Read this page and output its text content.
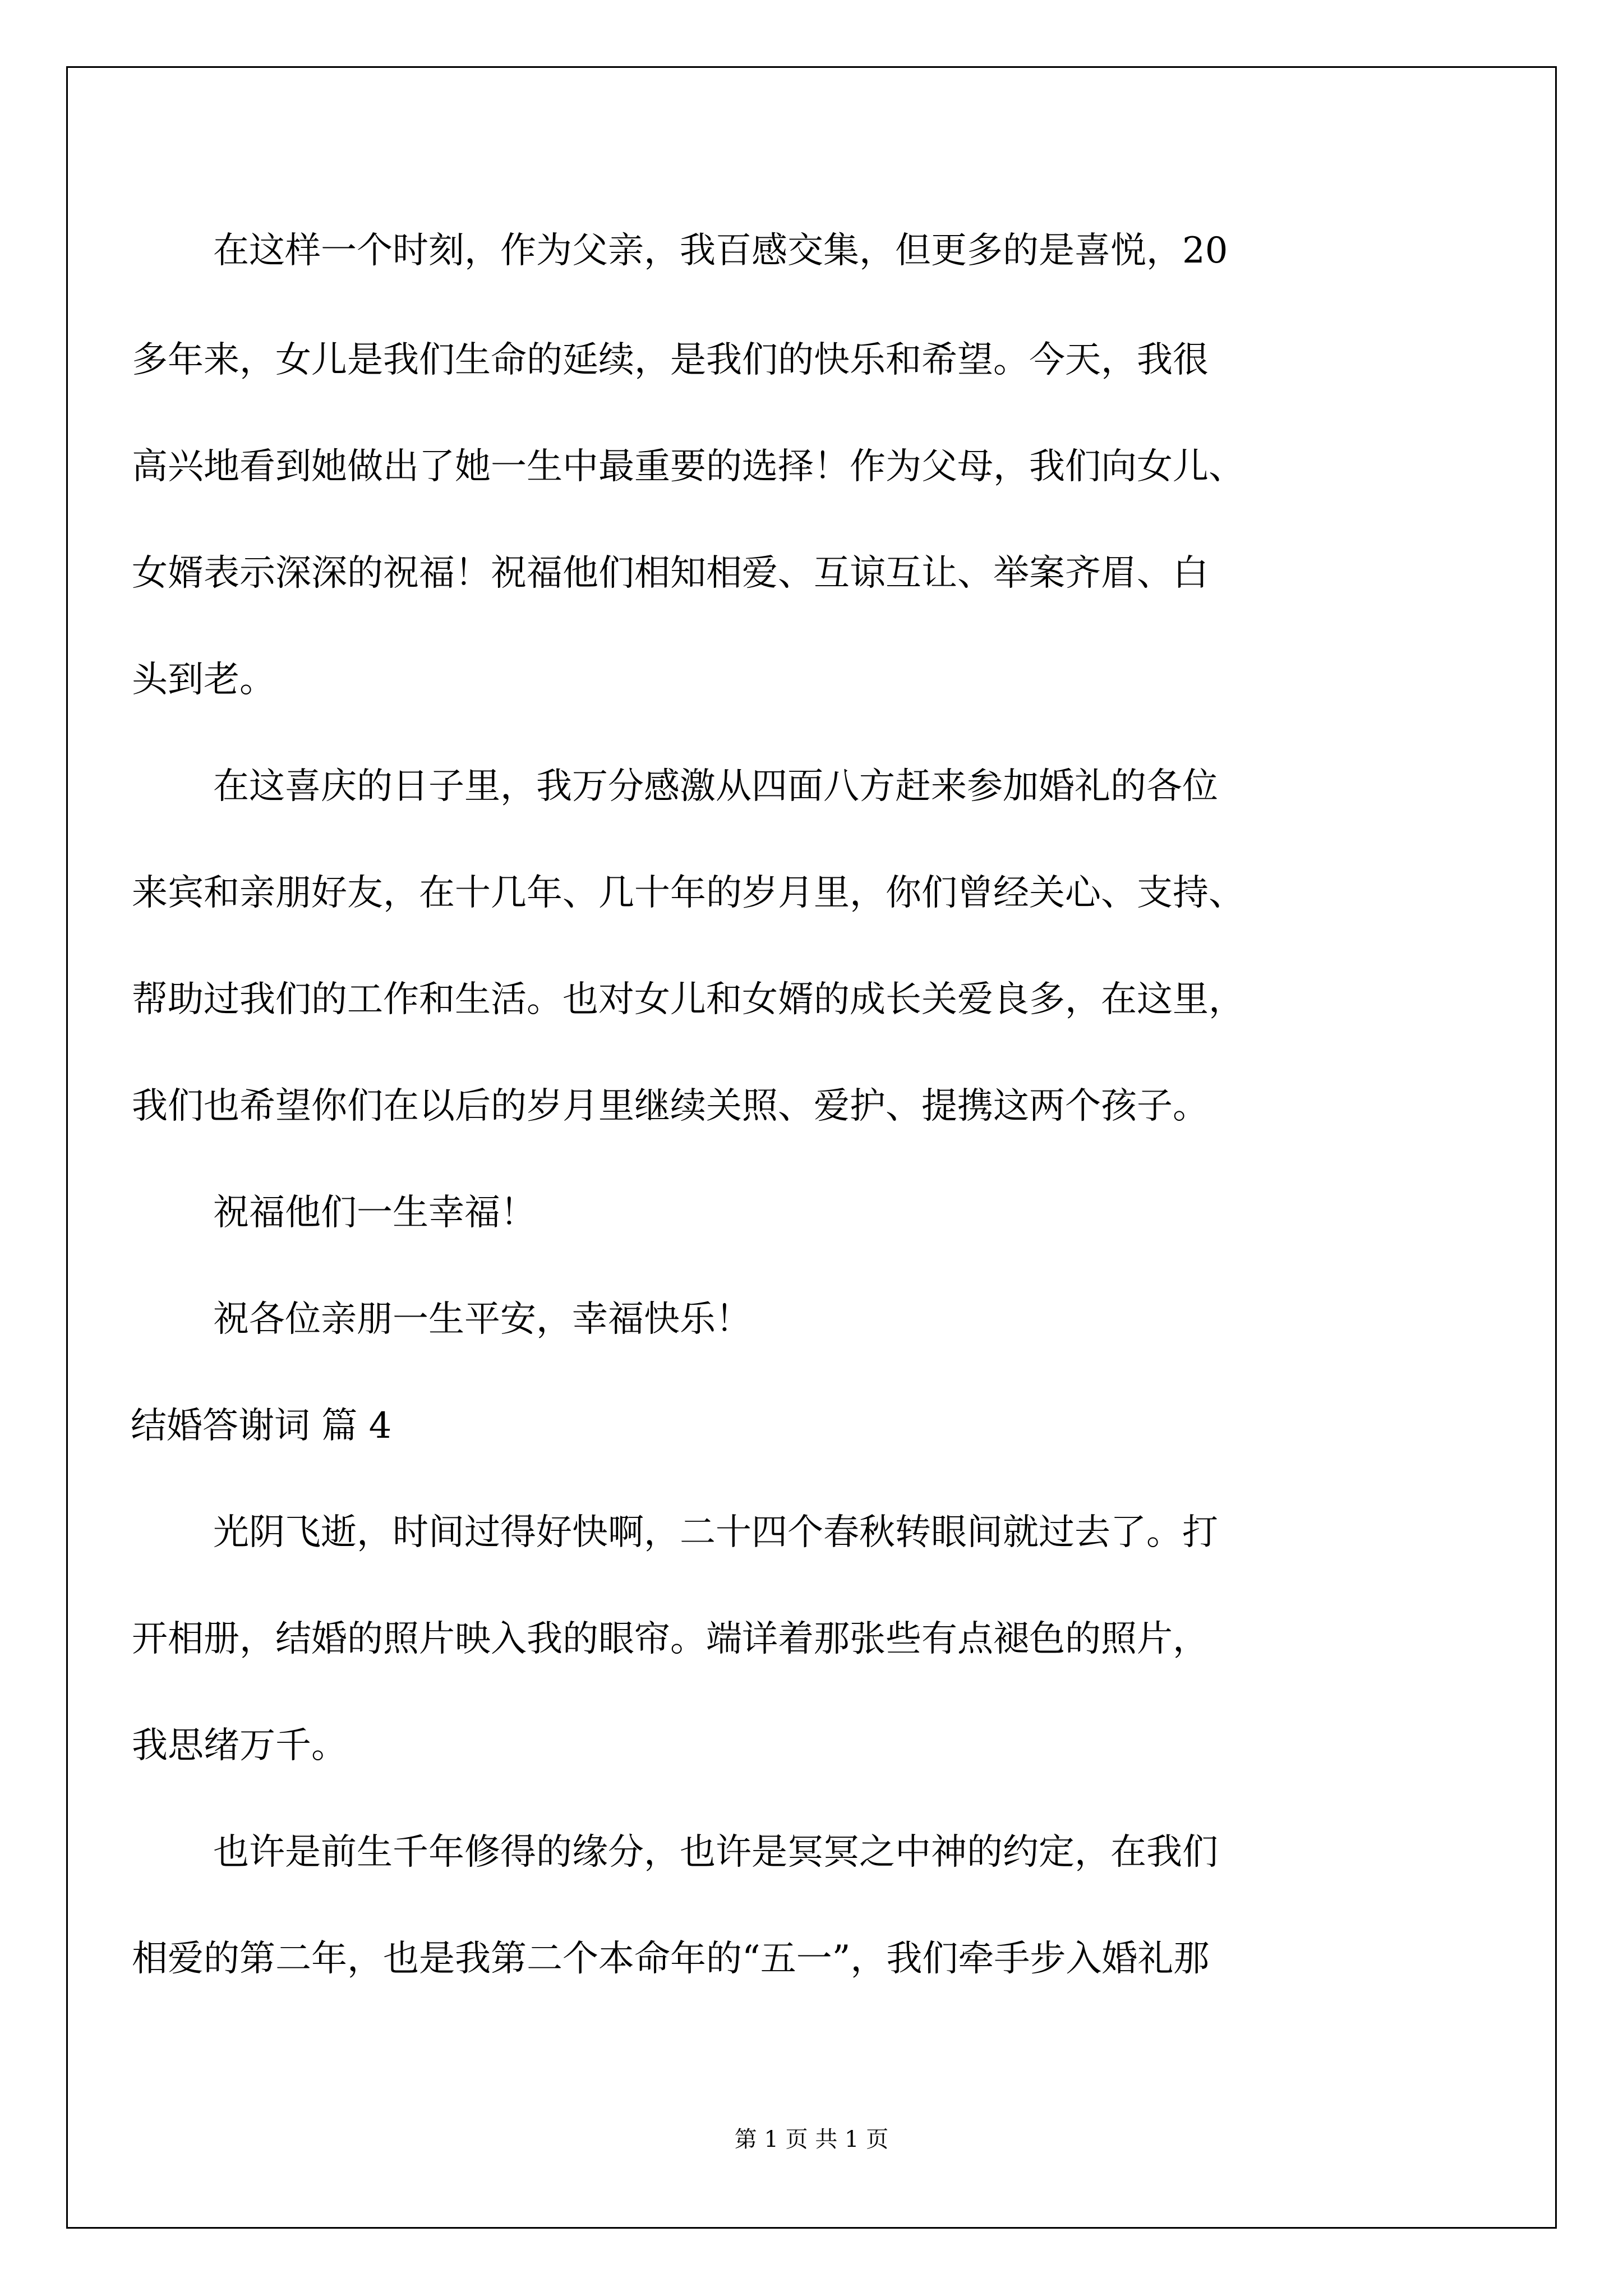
在这样一个时刻，作为父亲，我百感交集，但更多的是喜悦，20
多年来，女儿是我们生命的延续，是我们的快乐和希望。今天，我很
高兴地看到她做出了她一生中最重要的选择！作为父母，我们向女儿、
女婿表示深深的祝福！祝福他们相知相爱、互谅互让、举案齐眉、白
头到老。
在这喜庆的日子里，我万分感激从四面八方赶来参加婚礼的各位
来宾和亲朋好友，在十几年、几十年的岁月里，你们曾经关心、支持、
帮助过我们的工作和生活。也对女儿和女婿的成长关爱良多，在这里，
我们也希望你们在以后的岁月里继续关照、爱护、提携这两个孩子。
祝福他们一生幸福！
祝各位亲朋一生平安，幸福快乐！
结婚答谢词 篇 4
光阴飞逝，时间过得好快啊，二十四个春秋转眼间就过去了。打
开相册，结婚的照片映入我的眼帘。端详着那张些有点褪色的照片，
我思绪万千。
也许是前生千年修得的缘分，也许是冥冥之中神的约定，在我们
相爱的第二年，也是我第二个本命年的“五一”，我们牵手步入婚礼那
第 1 页 共 1 页
